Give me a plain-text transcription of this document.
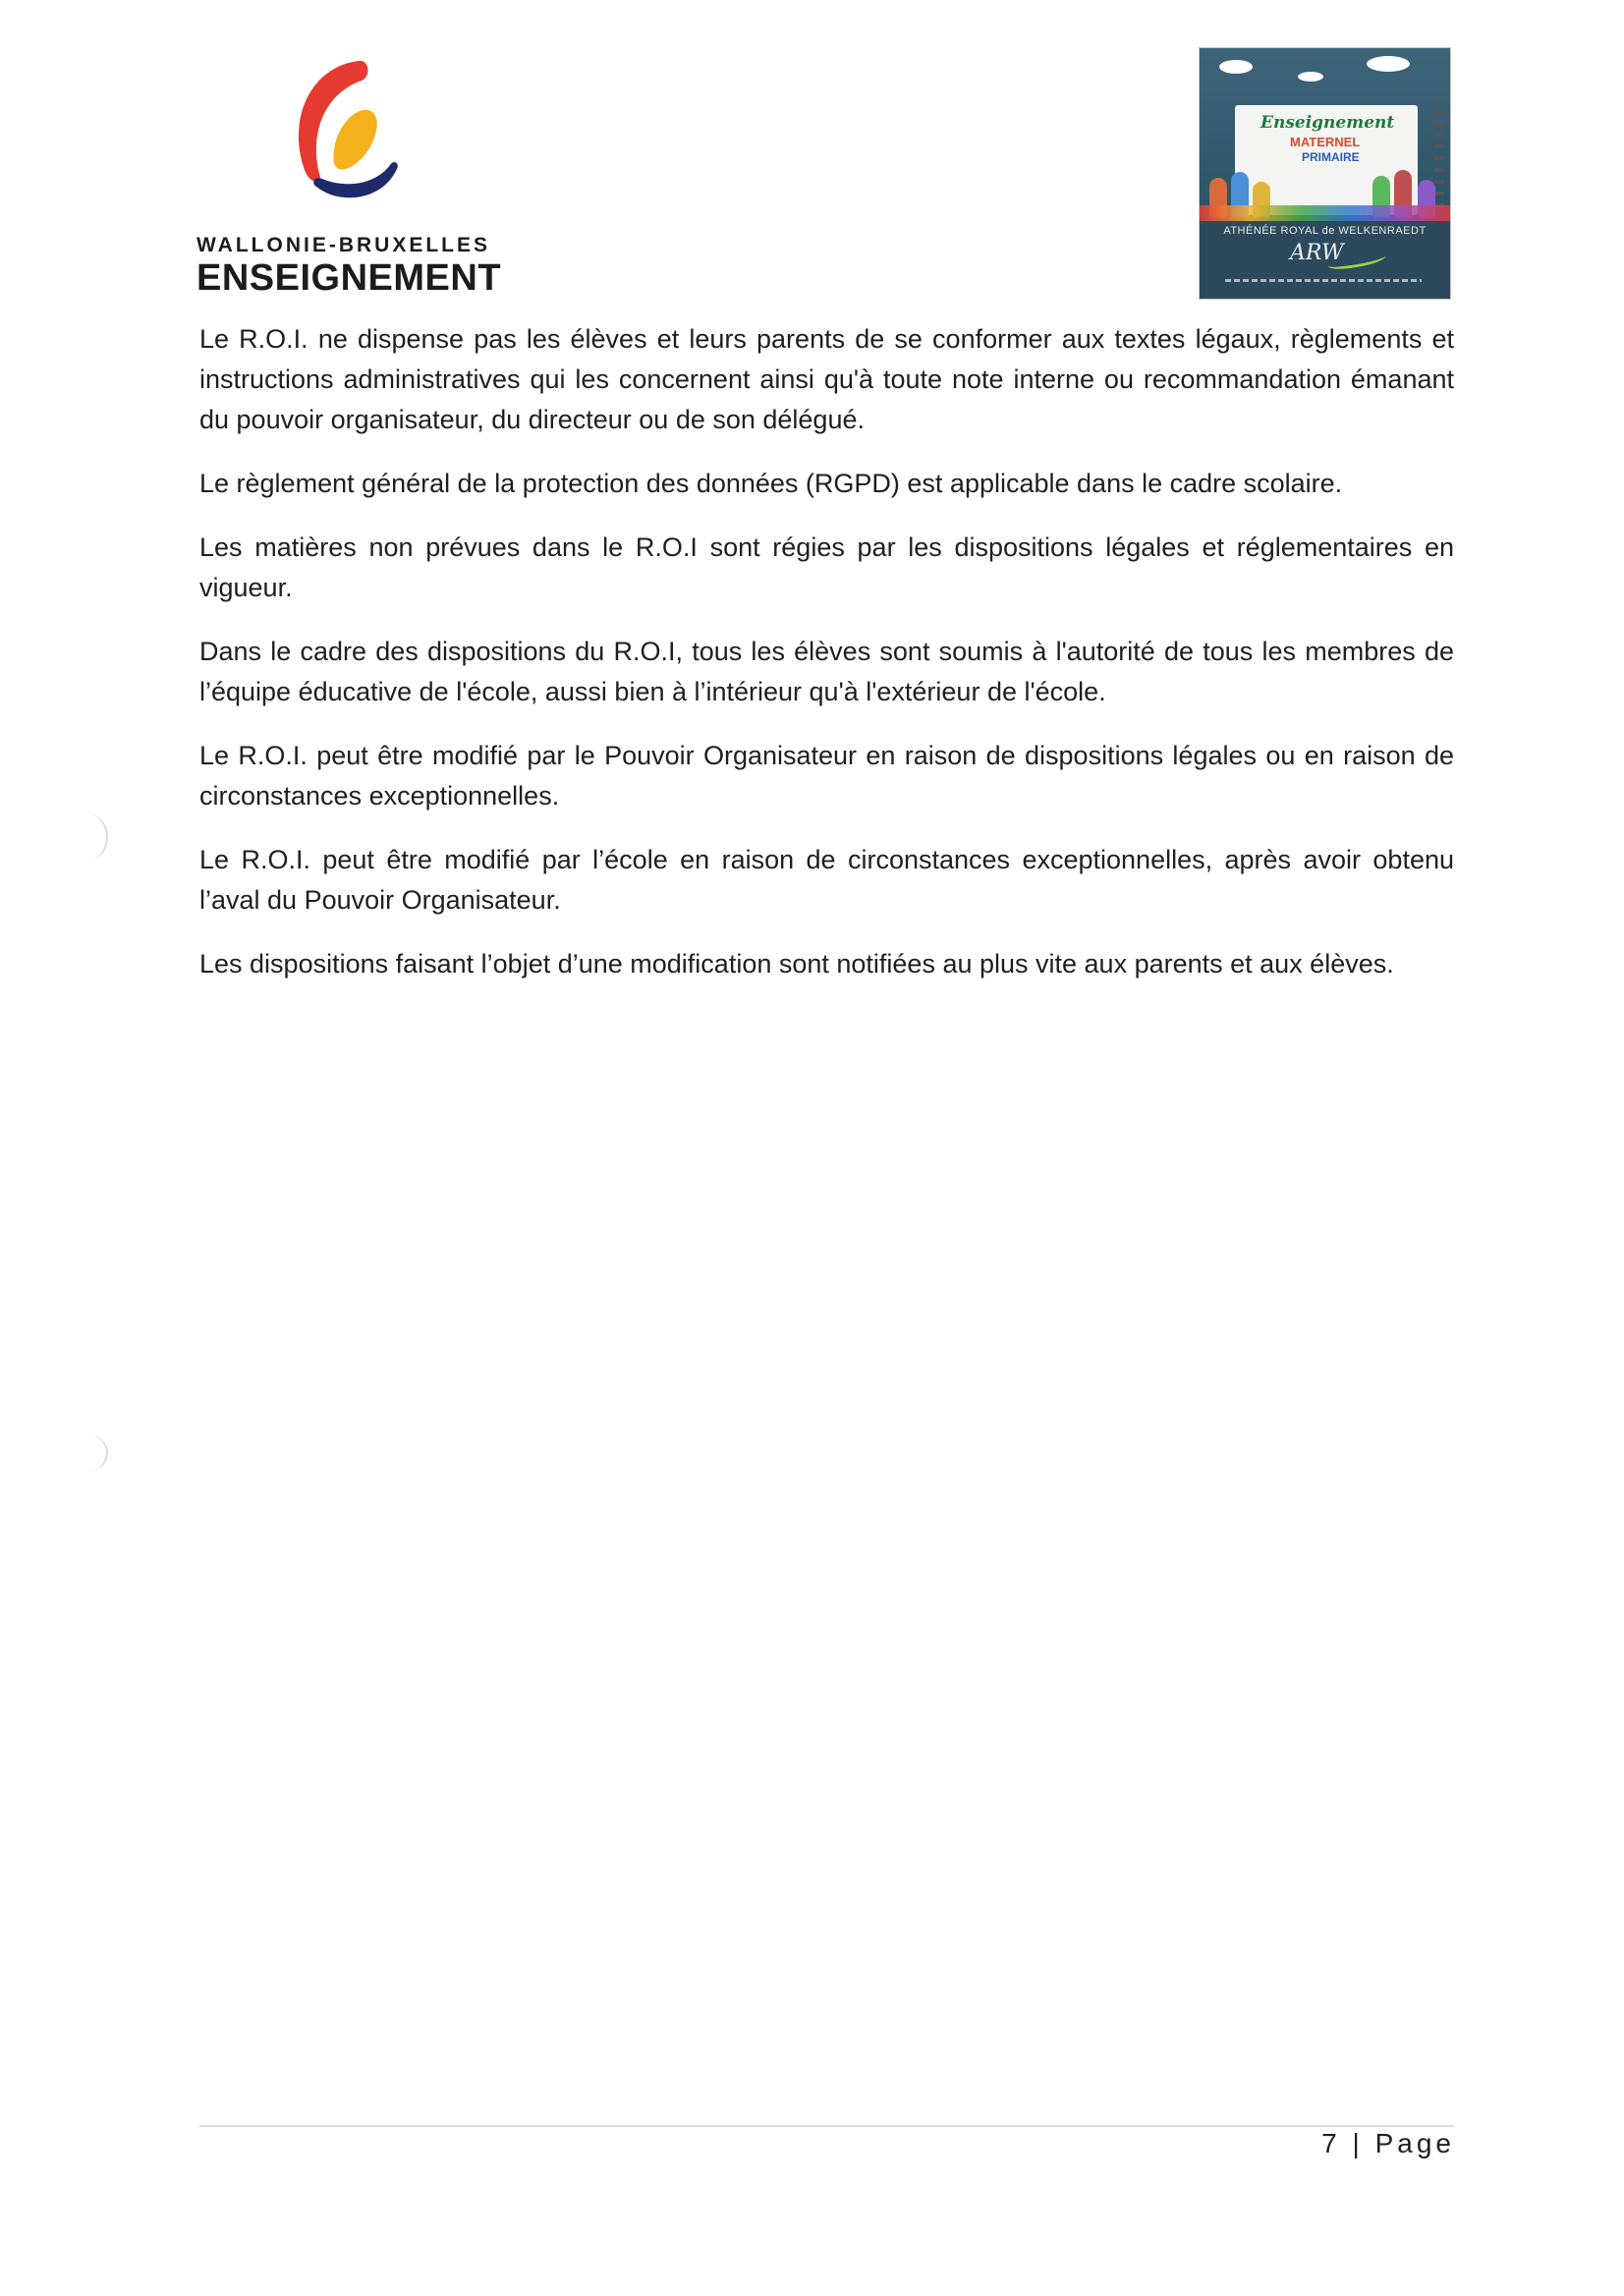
WALLONIE-BRUXELLES
ENSEIGNEMENT
Enseignement
MATERNEL
PRIMAIRE
ATHÉNÉE ROYAL de WELKENRAEDT
ARW

Le R.O.I. ne dispense pas les élèves et leurs parents de se conformer aux textes légaux, règlements et instructions administratives qui les concernent ainsi qu'à toute note interne ou recommandation émanant du pouvoir organisateur, du directeur ou de son délégué.

Le règlement général de la protection des données (RGPD) est applicable dans le cadre scolaire.

Les matières non prévues dans le R.O.I sont régies par les dispositions légales et réglementaires en vigueur.

Dans le cadre des dispositions du R.O.I, tous les élèves sont soumis à l'autorité de tous les membres de l’équipe éducative de l'école, aussi bien à l’intérieur qu'à l'extérieur de l'école.

Le R.O.I. peut être modifié par le Pouvoir Organisateur en raison de dispositions légales ou en raison de circonstances exceptionnelles.

Le R.O.I. peut être modifié par l’école en raison de circonstances exceptionnelles, après avoir obtenu l’aval du Pouvoir Organisateur.

Les dispositions faisant l’objet d’une modification sont notifiées au plus vite aux parents et aux élèves.

7 | Page
